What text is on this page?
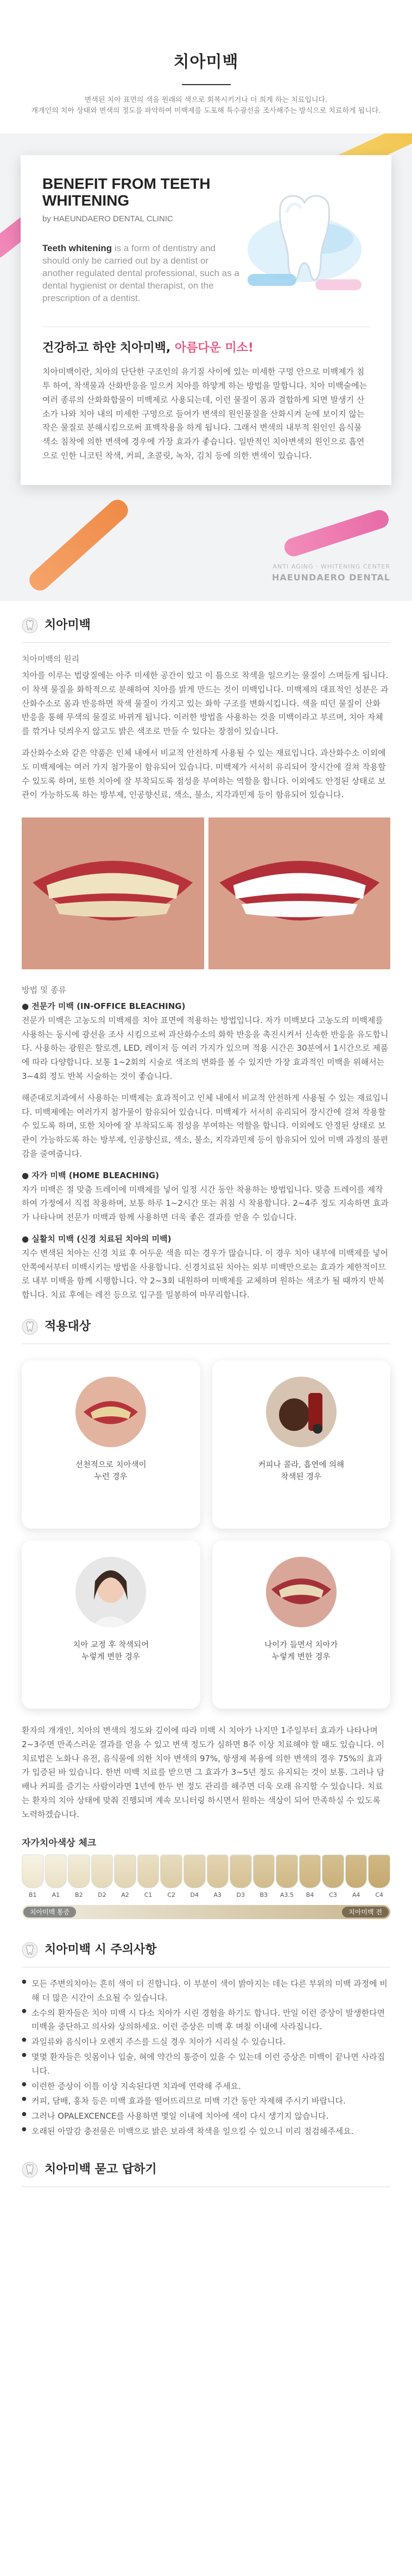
치아미백

변색된 치아 표면의 색을 원래의 색으로 회복시키거나 더 희게 하는 치료입니다.

개개인의 치아 상태와 변색의 정도를 파악하여 미백제를 도포해 특수광선을 조사해주는 방식으로 치료하게 됩니다.

BENEFIT FROM TEETH WHITENING
by HAEUNDAERO DENTAL CLINIC
Teeth whitening is a form of dentistry and should only be carried out by a dentist or another regulated dental professional, such as a dental hygienist or dental therapist, on the prescription of a dentist.
건강하고 하얀 치아미백, 아름다운 미소!

치아미백이란, 치아의 단단한 구조인의 유기질 사이에 있는 미세한 구멍 안으로 미백제가 침투 하여, 착색물과 산화반응을 일으켜 치아를 하얗게 하는 방법을 말합니다. 치아 미백술에는 여러 종류의 산화화합물이 미백제로 사용되는데, 이런 물질이 몸과 결합하게 되면 발생기 산소가 나와 치아 내의 미세한 구멍으로 들어가 변색의 원인물질을 산화시켜 눈에 보이지 않는 작은 물질로 분해시킴으로써 표백작용을 하게 됩니다. 그래서 변색의 내부적 원인인 음식물색소 침착에 의한 변색에 경우에 가장 효과가 좋습니다. 일반적인 치아변색의 원인으로 흡연으로 인한 니코틴 착색, 커피, 초콜릿, 녹차, 김치 등에 의한 변색이 있습니다.

ANTI AGING · WHITENING CENTER
HAEUNDAERO DENTAL
치아미백
치아미백의 원리

치아를 이루는 법랑질에는 아주 미세한 공간이 있고 이 틈으로 착색을 일으키는 물질이 스며들게 됩니다. 이 착색 물질을 화학적으로 분해하여 치아를 밝게 만드는 것이 미백입니다. 미백제의 대표적인 성분은 과산화수소로 몸과 반응하면 착색 물질이 가지고 있는 화학 구조를 변화시킵니다. 색을 띠던 물질이 산화 반응을 통해 무색의 물질로 바뀌게 됩니다. 이러한 방법을 사용하는 것을 미백이라고 부르며, 치아 자체를 깎거나 덧씌우지 않고도 밝은 색조로 만들 수 있다는 장점이 있습니다.

과산화수소와 같은 약품은 인체 내에서 비교적 안전하게 사용될 수 있는 재료입니다. 과산화수소 이외에도 미백제에는 여러 가지 첨가물이 함유되어 있습니다. 미백제가 서서히 유리되어 장시간에 걸쳐 작용할 수 있도록 하며, 또한 치아에 잘 부착되도록 점성을 부여하는 역할을 합니다. 이외에도 안정된 상태로 보관이 가능하도록 하는 방부제, 인공향신료, 색소, 불소, 지각과민제 등이 함유되어 있습니다.

방법 및 종류
● 전문가 미백 (IN-OFFICE BLEACHING)

전문가 미백은 고농도의 미백제를 치아 표면에 적용하는 방법입니다. 자가 미백보다 고농도의 미백제를 사용하는 동시에 광선을 조사 시킴으로써 과산화수소의 화학 반응을 촉진시켜서 신속한 반응을 유도합니다. 사용하는 광원은 할로겐, LED, 레이저 등 여러 가지가 있으며 적용 시간은 30분에서 1시간으로 제품에 따라 다양합니다. 보통 1~2회의 시술로 색조의 변화를 볼 수 있지만 가장 효과적인 미백을 위해서는 3~4회 정도 반복 시술하는 것이 좋습니다.

해준대로치과에서 사용하는 미백제는 효과적이고 인체 내에서 비교적 안전하게 사용될 수 있는 재료입니다. 미백제에는 여러가지 첨가물이 함유되어 있습니다. 미백제가 서서히 유리되어 장시간에 걸쳐 작용할 수 있도록 하며, 또한 치아에 잘 부착되도록 점성을 부여하는 역할을 합니다. 이외에도 안정된 상태로 보관이 가능하도록 하는 방부제, 인공향신료, 색소, 불소, 지각과민제 등이 함유되어 있어 미백 과정의 불편감을 줄여줍니다.

● 자가 미백 (HOME BLEACHING)

자가 미백은 절 맞춤 트레이에 미백제를 넣어 일정 시간 동안 착용하는 방법입니다. 맞춤 트레이를 제작하여 가정에서 직접 착용하며, 보통 하루 1~2시간 또는 취침 시 착용합니다. 2~4주 정도 지속하면 효과가 나타나며 전문가 미백과 함께 사용하면 더욱 좋은 결과를 얻을 수 있습니다.

● 실활치 미백 (신경 치료된 치아의 미백)

지수 변색된 치아는 신경 치료 후 어두운 색을 띠는 경우가 많습니다. 이 경우 치아 내부에 미백제를 넣어 안쪽에서부터 미백시키는 방법을 사용합니다. 신경치료된 치아는 외부 미백만으로는 효과가 제한적이므로 내부 미백을 함께 시행합니다. 약 2~3회 내원하여 미백제를 교체하며 원하는 색조가 될 때까지 반복합니다. 치료 후에는 레진 등으로 입구를 밀봉하여 마무리합니다.

적용대상
선천적으로 치아색이
누런 경우
커피나 콜라, 흡연에 의해
착색된 경우
치아 교정 후 착색되어
누렇게 변한 경우
나이가 들면서 치아가
누렇게 변한 경우

환자의 개개인, 치아의 변색의 정도와 깊이에 따라 미백 시 치아가 나지만 1주일부터 효과가 나타나며 2~3주면 만족스러운 결과를 얻을 수 있고 변색 정도가 심하면 8주 이상 치료해야 할 때도 있습니다. 이 치료법은 노화나 유전, 음식물에 의한 치아 변색의 97%, 항생제 복용에 의한 변색의 경우 75%의 효과가 입증된 바 있습니다. 한번 미백 치료를 받으면 그 효과가 3~5년 정도 유지되는 것이 보통. 그러나 담배나 커피를 즐기는 사람이라면 1년에 한두 번 정도 관리를 해주면 더욱 오래 유지할 수 있습니다. 치료는 환자의 치아 상태에 맞춰 진행되며 계속 모니터링 하시면서 원하는 색상이 되어 만족하실 수 있도록 노력하겠습니다.

자가치아색상 체크
B1	A1	B2	D2	A2	C1	C2	D4	A3	D3	B3	A3.5	B4	C3	A4	C4
치아미백 통증	치아미백 전
치아미백 시 주의사항
● 모든 주변의치아는 흔히 색이 더 진합니다. 이 부분이 색이 밝아지는 데는 다른 부위의 미백 과정에 비해 더 많은 시간이 소요될 수 있습니다.
● 소수의 환자들은 치아 미백 시 다소 치아가 시린 경험을 하기도 합니다. 만일 이런 증상이 발생한다면 미백을 중단하고 의사와 상의하세요. 이런 증상은 미백 후 며칠 이내에 사라집니다.
● 과일류와 음식이나 오렌지 주스를 드실 경우 치아가 시리실 수 있습니다.
● 몇몇 환자들은 잇몸이나 입술, 혀에 약간의 통증이 있을 수 있는데 이런 증상은 미백이 끝나면 사라집니다.
● 이런한 증상이 이틀 이상 지속된다면 치과에 연락해 주세요.
● 커피, 담배, 홍차 등은 미백 효과를 떨어뜨리므로 미백 기간 동안 자제해 주시기 바랍니다.
● 그러나 OPALEXCENCE를 사용하면 몇일 이내에 치아에 색이 다시 생기지 않습니다.
● 오래된 아말감 충전물은 미백으로 밝은 보라색 착색을 일으킬 수 있으니 미리 점검해주세요.
치아미백 묻고 답하기
